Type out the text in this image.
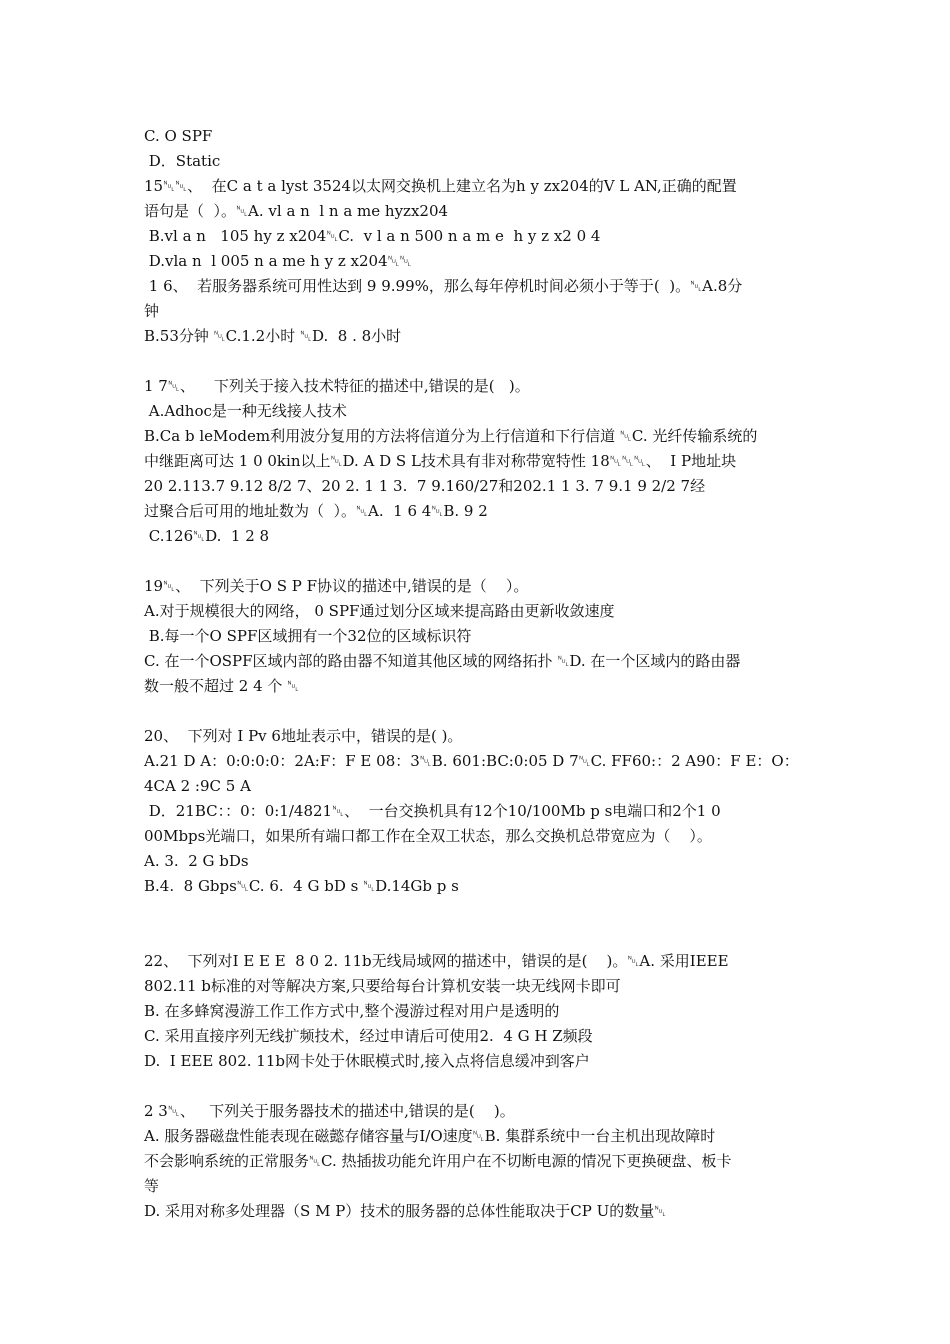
C. O SPF
D．Static
15␀␀、  在C a t a lyst 3524以太网交换机上建立名为h y zx204的V L AN,正确的配置
语句是（  ）。␀A. vl a n  l n a me hyzx204
B.vl a n   105 hy z x204␀C.  v l a n 500 n a m e  h y z x2 0 4
D.vla n  l 005 n a me h y z x204␀␀
1 6、  若服务器系统可用性达到 9 9.99%，那么每年停机时间必须小于等于(  )。␀A.8分
钟
B.53分钟 ␀C.1.2小时 ␀D.  8 . 8小时
1 7␀、    下列关于接入技术特征的描述中,错误的是(   )。
A.Adhoc是一种无线接人技术
B.Ca b leModem利用波分复用的方法将信道分为上行信道和下行信道 ␀C. 光纤传输系统的
中继距离可达 1 0 0kin以上␀D. A D S L技术具有非对称带宽特性 18␀␀␀、  I P地址块
20 2.113.7 9.12 8/2 7、20 2. 1 1 3.  7 9.160/27和202.1 1 3. 7 9.1 9 2/2 7经
过聚合后可用的地址数为（  ）。␀A.  1 6 4␀B. 9 2
C.126␀D.  1 2 8
19␀、  下列关于O S P F协议的描述中,错误的是（    ）。
A.对于规模很大的网络， 0 SPF通过划分区域来提高路由更新收敛速度
B.每一个O SPF区域拥有一个32位的区域标识符
C. 在一个OSPF区域内部的路由器不知道其他区域的网络拓扑 ␀D. 在一个区域内的路由器
数一般不超过 2 4 个 ␀
20、  下列对 I Pv 6地址表示中，错误的是( )。
A.21 D A：0:0:0:0：2A:F：F E 08：3␀B. 601:BC:0:05 D 7␀C. FF60:：2 A90：F E：O：
4CA 2 :9C 5 A
D．21BC：：0：0:1/4821␀、  一台交换机具有12个10/100Mb p s电端口和2个1 0
00Mbps光端口，如果所有端口都工作在全双工状态，那么交换机总带宽应为（    ）。
A. 3.  2 G bDs
B.4.  8 Gbps␀C. 6.  4 G bD s ␀D.14Gb p s
22、  下列对I E E E  8 0 2. 11b无线局域网的描述中，错误的是(    )。␀A. 采用IEEE
802.11 b标准的对等解决方案,只要给每台计算机安装一块无线网卡即可
B. 在多蜂窝漫游工作工作方式中,整个漫游过程对用户是透明的
C. 采用直接序列无线扩频技术，经过申请后可使用2.  4 G H Z频段
D.  I EEE 802. 11b网卡处于休眠模式时,接入点将信息缓冲到客户
2 3␀、   下列关于服务器技术的描述中,错误的是(    )。
A. 服务器磁盘性能表现在磁懿存储容量与I/O速度␀B. 集群系统中一台主机出现故障时
不会影响系统的正常服务␀C. 热插拔功能允许用户在不切断电源的情况下更换硬盘、板卡
等
D. 采用对称多处理器（S M P）技术的服务器的总体性能取决于CP U的数量␀
